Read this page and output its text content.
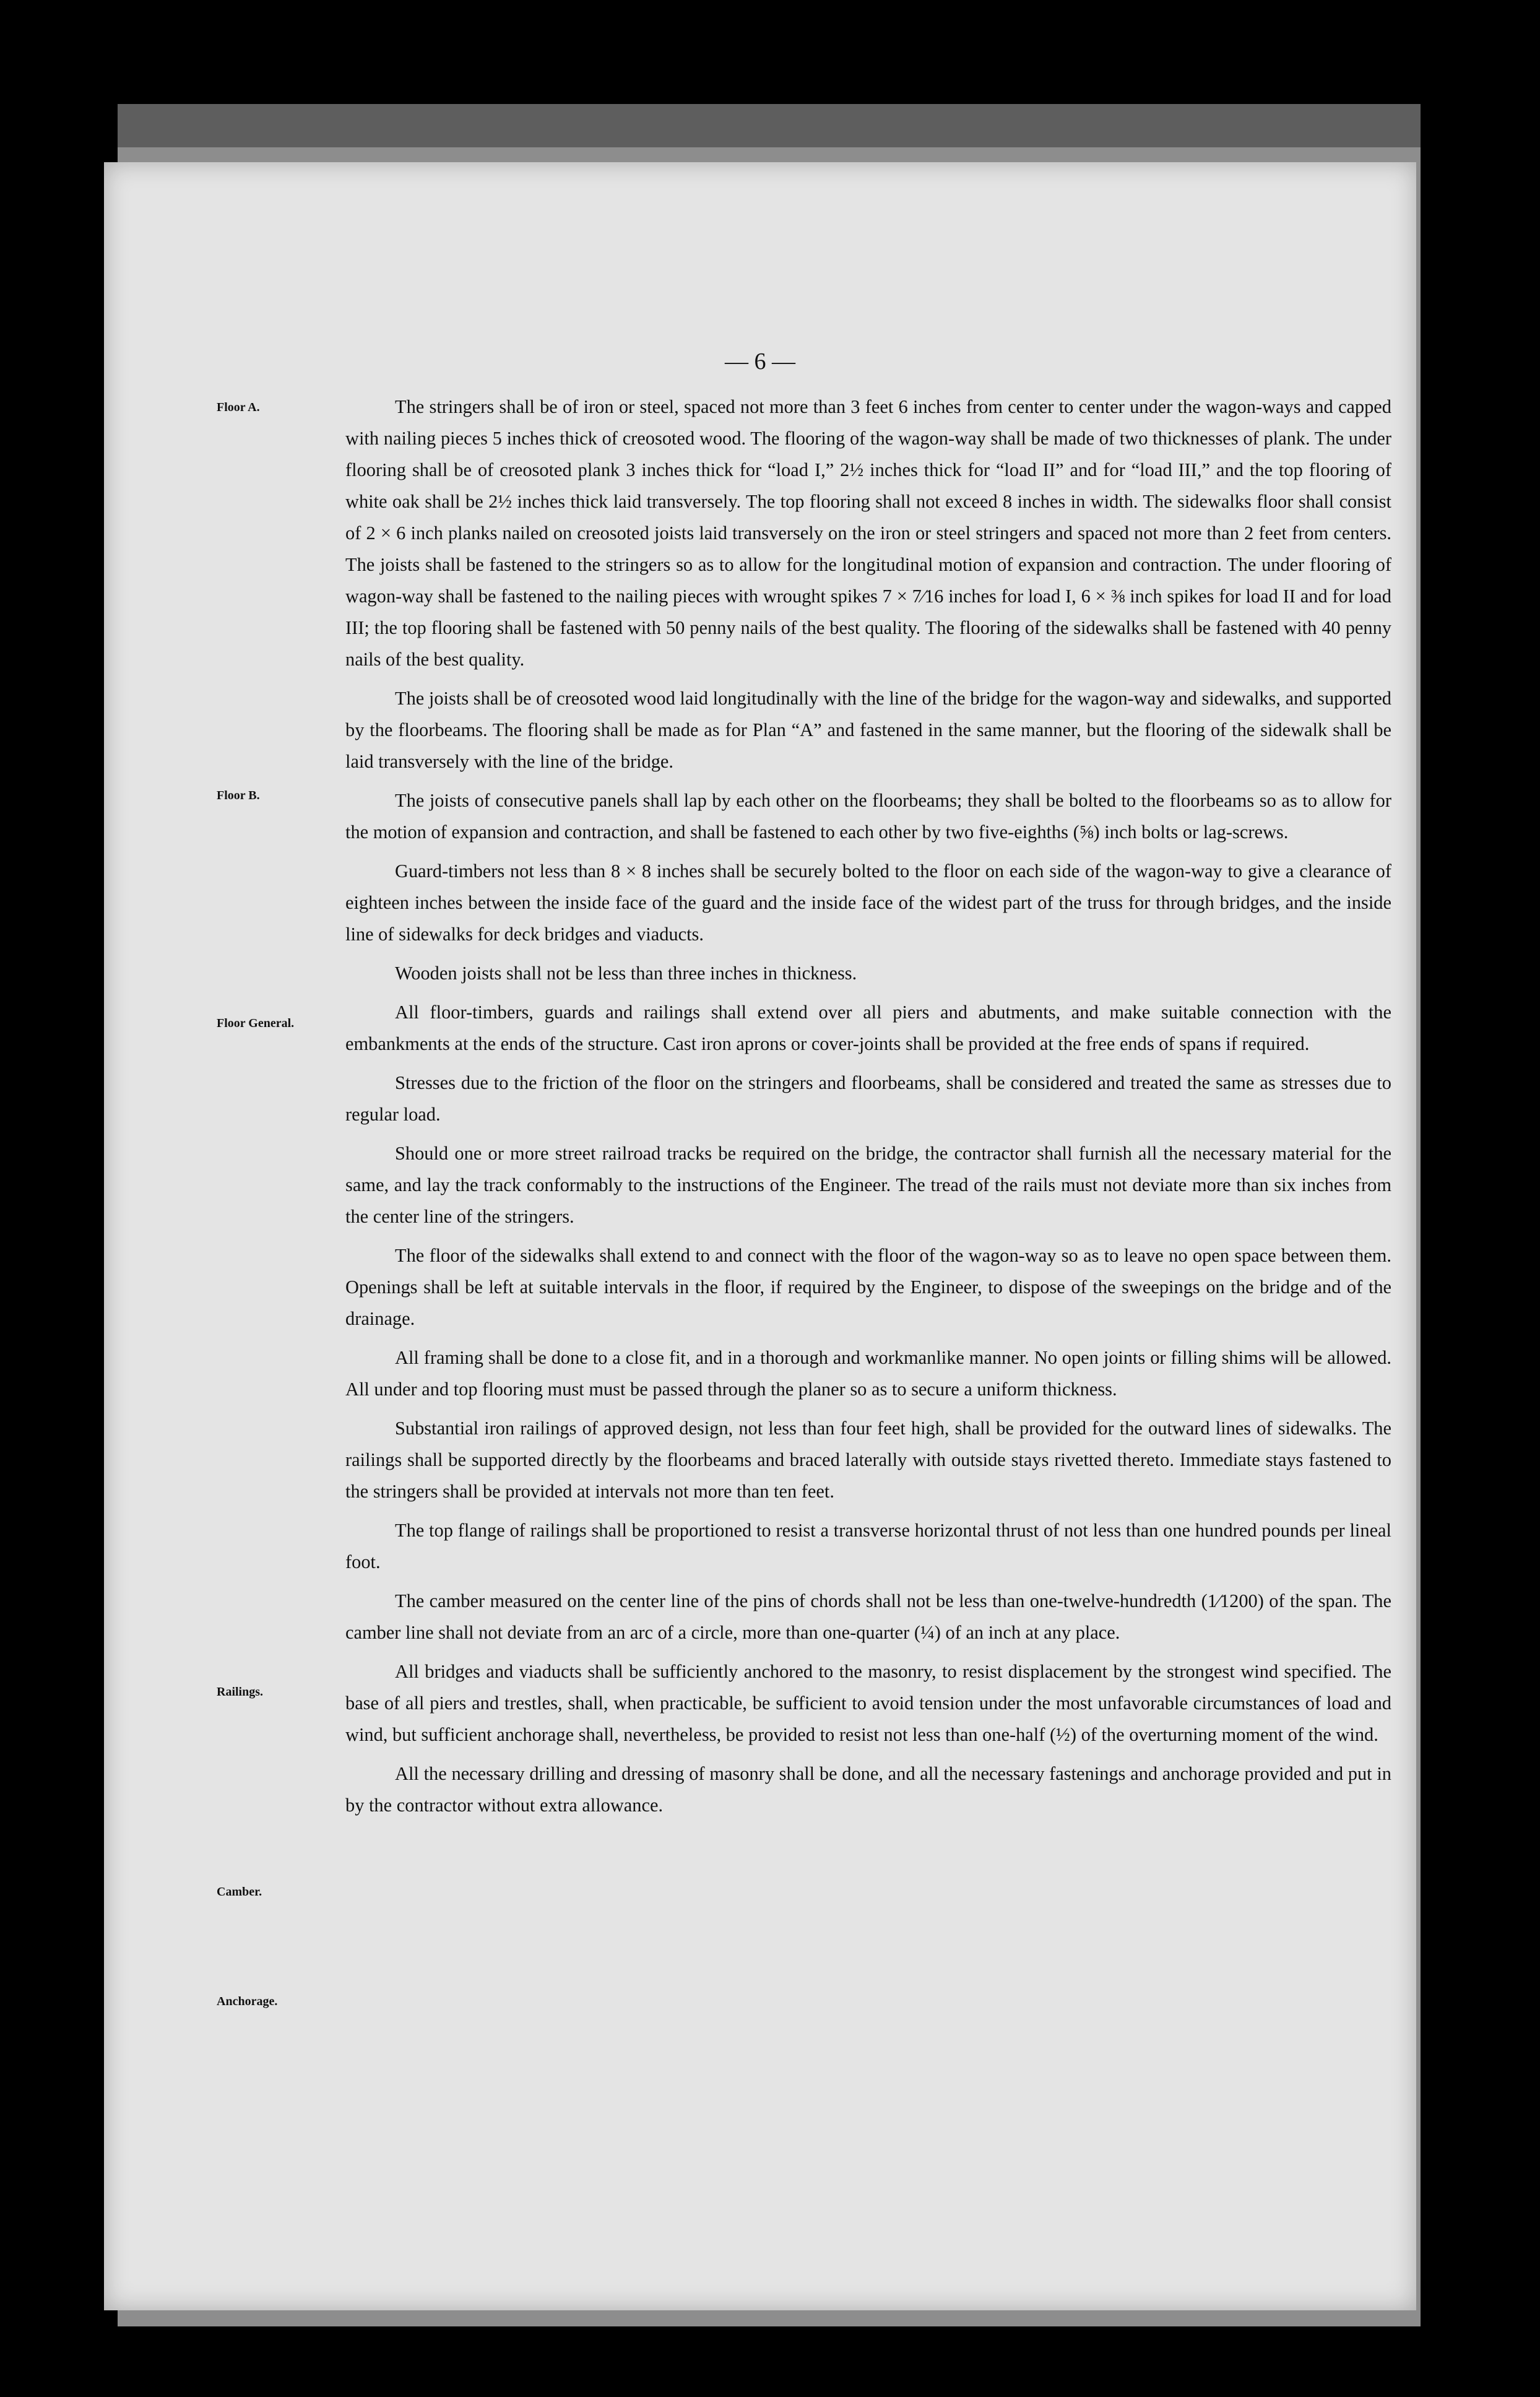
— 6 —
Floor A.
Floor B.
Floor General.
Railings.
Camber.
Anchorage.

The stringers shall be of iron or steel, spaced not more than 3 feet 6 inches from center to center under the wagon-ways and capped with nailing pieces 5 inches thick of creosoted wood. The flooring of the wagon-way shall be made of two thicknesses of plank. The under flooring shall be of creosoted plank 3 inches thick for “load I,” 2½ inches thick for “load II” and for “load III,” and the top flooring of white oak shall be 2½ inches thick laid transversely. The top flooring shall not exceed 8 inches in width. The sidewalks floor shall consist of 2 × 6 inch planks nailed on creosoted joists laid transversely on the iron or steel stringers and spaced not more than 2 feet from centers. The joists shall be fastened to the stringers so as to allow for the longitudinal motion of expansion and contraction. The under flooring of wagon-way shall be fastened to the nailing pieces with wrought spikes 7 × 7⁄16 inches for load I, 6 × ⅜ inch spikes for load II and for load III; the top flooring shall be fastened with 50 penny nails of the best quality. The flooring of the sidewalks shall be fastened with 40 penny nails of the best quality.

The joists shall be of creosoted wood laid longitudinally with the line of the bridge for the wagon-way and sidewalks, and supported by the floorbeams. The flooring shall be made as for Plan “A” and fastened in the same manner, but the flooring of the sidewalk shall be laid transversely with the line of the bridge.

The joists of consecutive panels shall lap by each other on the floorbeams; they shall be bolted to the floorbeams so as to allow for the motion of expansion and contraction, and shall be fastened to each other by two five-eighths (⅝) inch bolts or lag-screws.

Guard-timbers not less than 8 × 8 inches shall be securely bolted to the floor on each side of the wagon-way to give a clearance of eighteen inches between the inside face of the guard and the inside face of the widest part of the truss for through bridges, and the inside line of sidewalks for deck bridges and viaducts.

Wooden joists shall not be less than three inches in thickness.

All floor-timbers, guards and railings shall extend over all piers and abutments, and make suitable connection with the embankments at the ends of the structure. Cast iron aprons or cover-joints shall be provided at the free ends of spans if required.

Stresses due to the friction of the floor on the stringers and floorbeams, shall be considered and treated the same as stresses due to regular load.

Should one or more street railroad tracks be required on the bridge, the contractor shall furnish all the necessary material for the same, and lay the track conformably to the instructions of the Engineer. The tread of the rails must not deviate more than six inches from the center line of the stringers.

The floor of the sidewalks shall extend to and connect with the floor of the wagon-way so as to leave no open space between them. Openings shall be left at suitable intervals in the floor, if required by the Engineer, to dispose of the sweepings on the bridge and of the drainage.

All framing shall be done to a close fit, and in a thorough and workmanlike manner. No open joints or filling shims will be allowed. All under and top flooring must must be passed through the planer so as to secure a uniform thickness.

Substantial iron railings of approved design, not less than four feet high, shall be provided for the outward lines of sidewalks. The railings shall be supported directly by the floorbeams and braced laterally with outside stays rivetted thereto. Immediate stays fastened to the stringers shall be provided at intervals not more than ten feet.

The top flange of railings shall be proportioned to resist a transverse horizontal thrust of not less than one hundred pounds per lineal foot.

The camber measured on the center line of the pins of chords shall not be less than one-twelve-hundredth (1⁄1200) of the span. The camber line shall not deviate from an arc of a circle, more than one-quarter (¼) of an inch at any place.

All bridges and viaducts shall be sufficiently anchored to the masonry, to resist displacement by the strongest wind specified. The base of all piers and trestles, shall, when practicable, be sufficient to avoid tension under the most unfavorable circumstances of load and wind, but sufficient anchorage shall, nevertheless, be provided to resist not less than one-half (½) of the overturning moment of the wind.

All the necessary drilling and dressing of masonry shall be done, and all the necessary fastenings and anchorage provided and put in by the contractor without extra allowance.
